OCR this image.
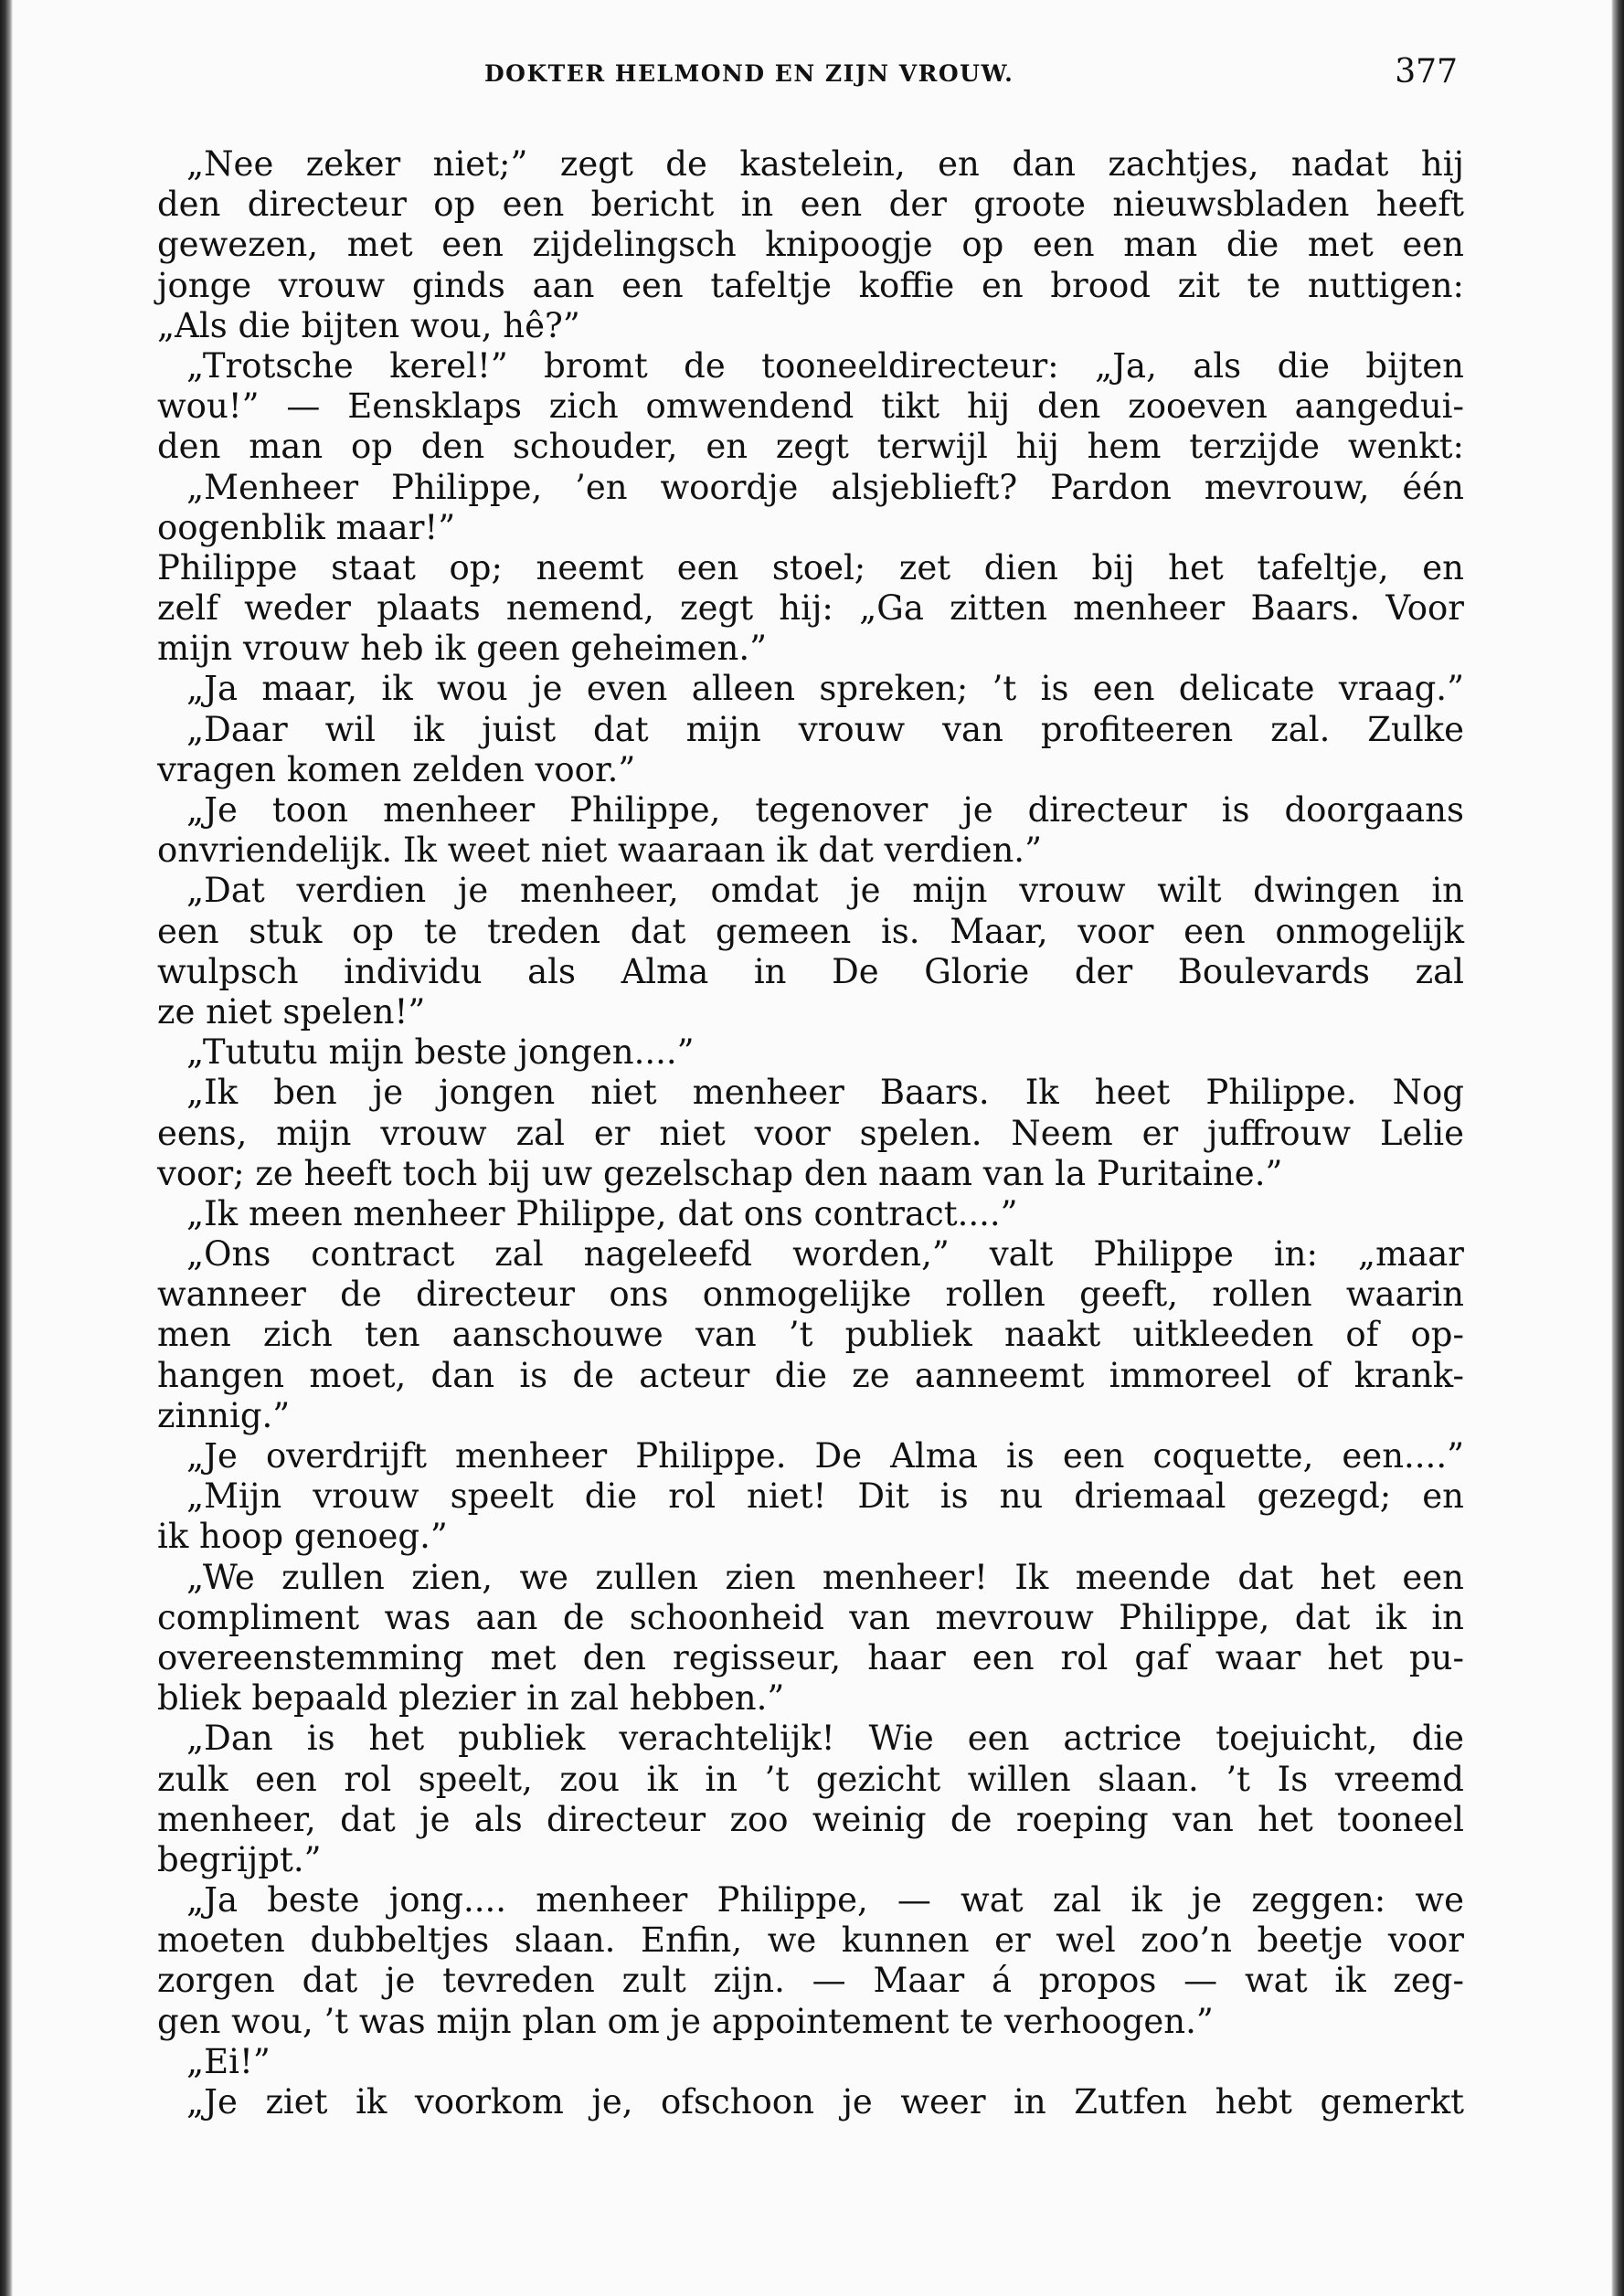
DOKTER HELMOND EN ZIJN VROUW.	377
„Nee zeker niet;” zegt de kastelein, en dan zachtjes, nadat hij
den directeur op een bericht in een der groote nieuwsbladen heeft
gewezen, met een zijdelingsch knipoogje op een man die met een
jonge vrouw ginds aan een tafeltje koffie en brood zit te nuttigen:
„Als die bijten wou, hê?”
„Trotsche kerel!” bromt de tooneeldirecteur: „Ja, als die bijten
wou!” — Eensklaps zich omwendend tikt hij den zooeven aangedui-
den man op den schouder, en zegt terwijl hij hem terzijde wenkt:
„Menheer Philippe, ’en woordje alsjeblieft? Pardon mevrouw, één
oogenblik maar!”
Philippe staat op; neemt een stoel; zet dien bij het tafeltje, en
zelf weder plaats nemend, zegt hij: „Ga zitten menheer Baars. Voor
mijn vrouw heb ik geen geheimen.”
„Ja maar, ik wou je even alleen spreken; ’t is een delicate vraag.”
„Daar wil ik juist dat mijn vrouw van profiteeren zal. Zulke
vragen komen zelden voor.”
„Je toon menheer Philippe, tegenover je directeur is doorgaans
onvriendelijk. Ik weet niet waaraan ik dat verdien.”
„Dat verdien je menheer, omdat je mijn vrouw wilt dwingen in
een stuk op te treden dat gemeen is. Maar, voor een onmogelijk
wulpsch individu als Alma in De Glorie der Boulevards zal
ze niet spelen!”
„Tututu mijn beste jongen....”
„Ik ben je jongen niet menheer Baars. Ik heet Philippe. Nog
eens, mijn vrouw zal er niet voor spelen. Neem er juffrouw Lelie
voor; ze heeft toch bij uw gezelschap den naam van la Puritaine.”
„Ik meen menheer Philippe, dat ons contract....”
„Ons contract zal nageleefd worden,” valt Philippe in: „maar
wanneer de directeur ons onmogelijke rollen geeft, rollen waarin
men zich ten aanschouwe van ’t publiek naakt uitkleeden of op-
hangen moet, dan is de acteur die ze aanneemt immoreel of krank-
zinnig.”
„Je overdrijft menheer Philippe. De Alma is een coquette, een....”
„Mijn vrouw speelt die rol niet! Dit is nu driemaal gezegd; en
ik hoop genoeg.”
„We zullen zien, we zullen zien menheer! Ik meende dat het een
compliment was aan de schoonheid van mevrouw Philippe, dat ik in
overeenstemming met den regisseur, haar een rol gaf waar het pu-
bliek bepaald plezier in zal hebben.”
„Dan is het publiek verachtelijk! Wie een actrice toejuicht, die
zulk een rol speelt, zou ik in ’t gezicht willen slaan. ’t Is vreemd
menheer, dat je als directeur zoo weinig de roeping van het tooneel
begrijpt.”
„Ja beste jong.... menheer Philippe, — wat zal ik je zeggen: we
moeten dubbeltjes slaan. Enfin, we kunnen er wel zoo’n beetje voor
zorgen dat je tevreden zult zijn. — Maar á propos — wat ik zeg-
gen wou, ’t was mijn plan om je appointement te verhoogen.”
„Ei!”
„Je ziet ik voorkom je, ofschoon je weer in Zutfen hebt gemerkt
